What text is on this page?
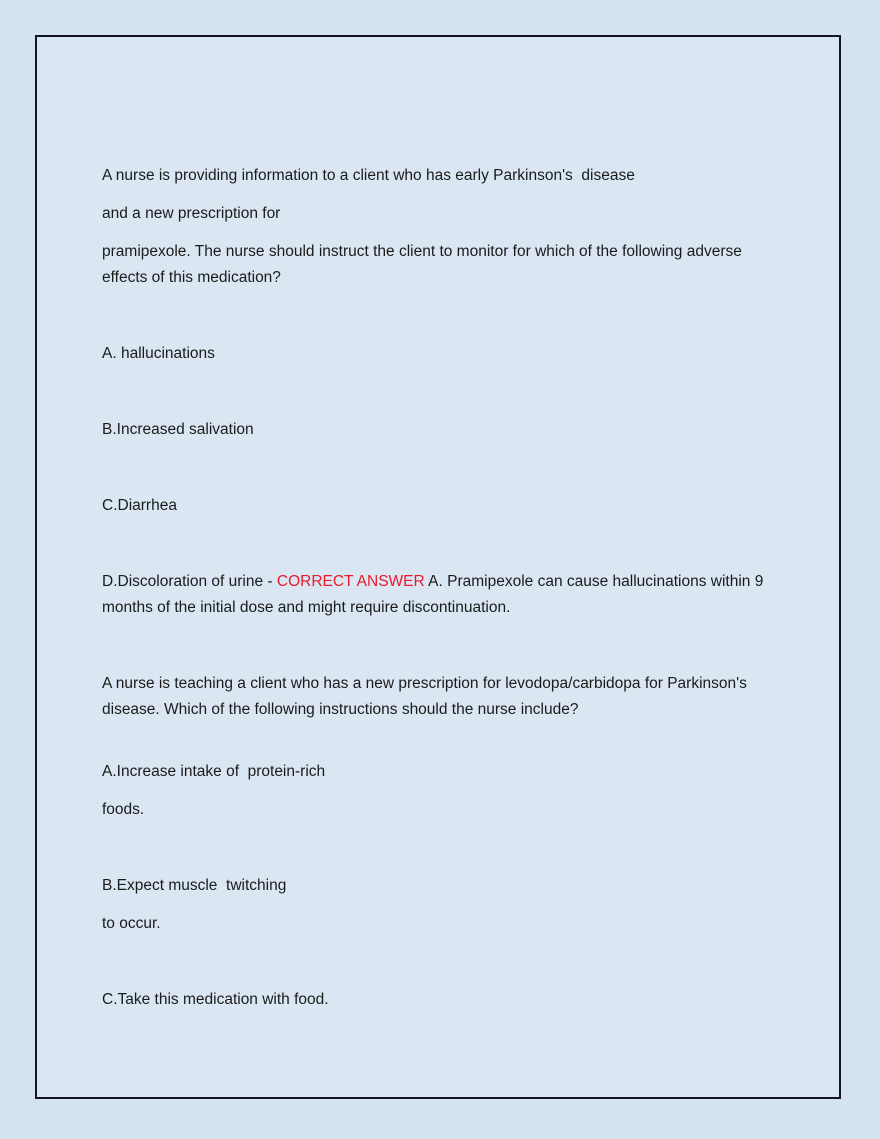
A nurse is providing information to a client who has early Parkinson's  disease

and a new prescription for

pramipexole. The nurse should instruct the client to monitor for which of the following adverse effects of this medication?

A. hallucinations

B.Increased salivation

C.Diarrhea

D.Discoloration of urine - CORRECT ANSWER A. Pramipexole can cause hallucinations within 9 months of the initial dose and might require discontinuation.

A nurse is teaching a client who has a new prescription for levodopa/carbidopa for Parkinson's disease. Which of the following instructions should the nurse include?

A.Increase intake of  protein-rich

foods.

B.Expect muscle  twitching

to occur.

C.Take this medication with food.
